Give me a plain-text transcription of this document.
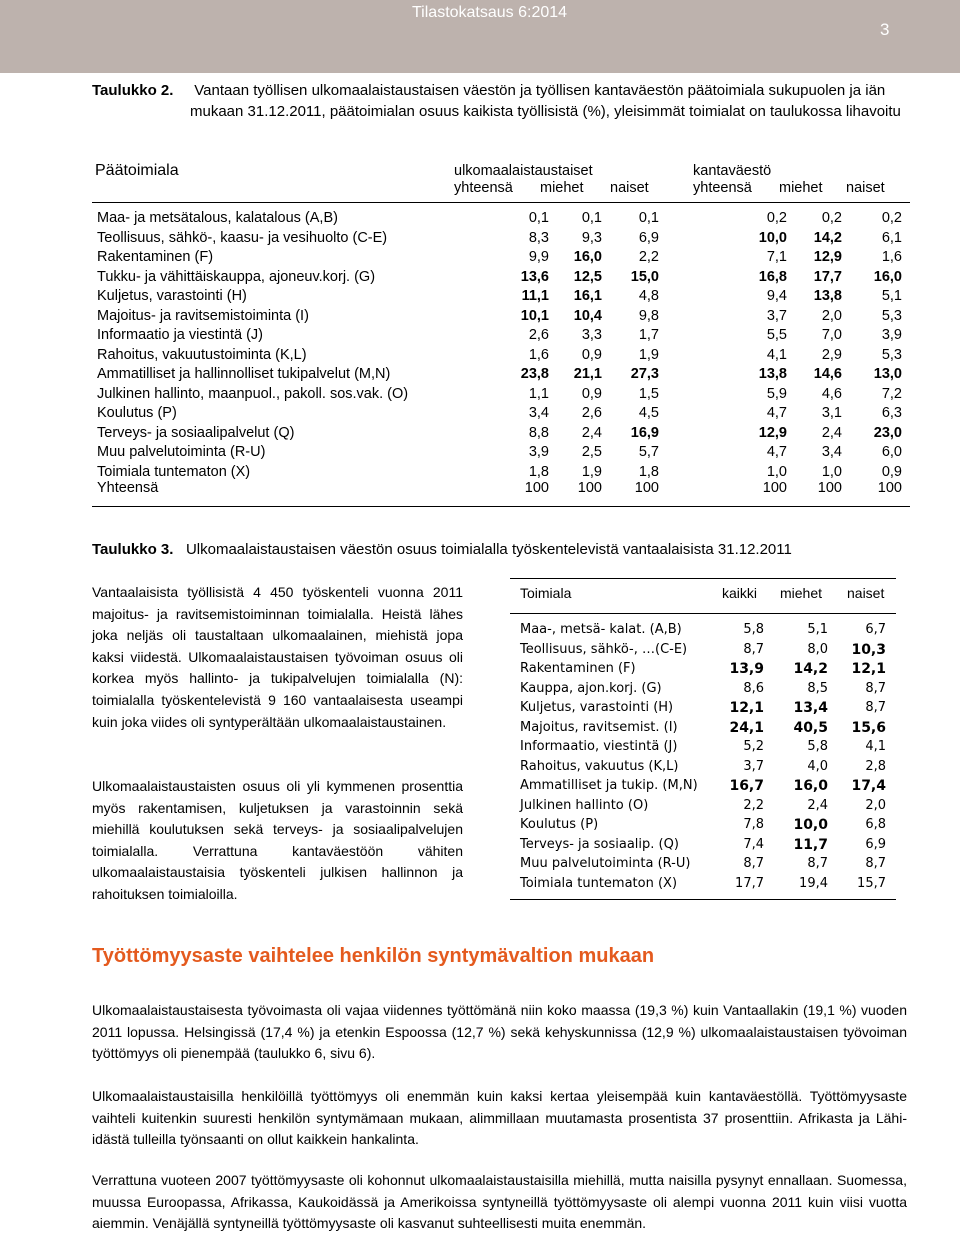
Tilastokatsaus 6:2014
3
Taulukko 2. Vantaan työllisen ulkomaalaistaustaisen väestön ja työllisen kantaväestön päätoimiala sukupuolen ja iän mukaan 31.12.2011, päätoimialan osuus kaikista työllisistä (%), yleisimmät toimialat on taulukossa lihavoitu
Päätoimiala	ulkomaalaistaustaiset	kantaväestö
yhteensä miehet naiset	yhteensä miehet naiset
Maa- ja metsätalous, kalatalous (A,B)	0,1	0,1	0,1	0,2	0,2	0,2
Teollisuus, sähkö-, kaasu- ja vesihuolto (C-E)	8,3	9,3	6,9	10,0	14,2	6,1
Rakentaminen (F)	9,9	16,0	2,2	7,1	12,9	1,6
Tukku- ja vähittäiskauppa, ajoneuv.korj. (G)	13,6	12,5	15,0	16,8	17,7	16,0
Kuljetus, varastointi (H)	11,1	16,1	4,8	9,4	13,8	5,1
Majoitus- ja ravitsemistoiminta (I)	10,1	10,4	9,8	3,7	2,0	5,3
Informaatio ja viestintä (J)	2,6	3,3	1,7	5,5	7,0	3,9
Rahoitus, vakuutustoiminta (K,L)	1,6	0,9	1,9	4,1	2,9	5,3
Ammatilliset ja hallinnolliset tukipalvelut (M,N)	23,8	21,1	27,3	13,8	14,6	13,0
Julkinen hallinto, maanpuol., pakoll. sos.vak. (O)	1,1	0,9	1,5	5,9	4,6	7,2
Koulutus (P)	3,4	2,6	4,5	4,7	3,1	6,3
Terveys- ja sosiaalipalvelut (Q)	8,8	2,4	16,9	12,9	2,4	23,0
Muu palvelutoiminta (R-U)	3,9	2,5	5,7	4,7	3,4	6,0
Toimiala tuntematon (X)	1,8	1,9	1,8	1,0	1,0	0,9
Yhteensä	100	100	100	100	100	100
Taulukko 3. Ulkomaalaistaustaisen väestön osuus toimialalla työskentelevistä vantaalaisista 31.12.2011
Vantaalaisista työllisistä 4 450 työskenteli vuonna 2011 majoitus- ja ravitsemistoiminnan toimialalla. Heistä lähes joka neljäs oli taustaltaan ulkomaalainen, miehistä jopa kaksi viidestä. Ulkomaalaistaustaisen työvoiman osuus oli korkea myös hallinto- ja tukipalvelujen toimialalla (N): toimialalla työskentelevistä 9 160 vantaalaisesta useampi kuin joka viides oli syntyperältään ulkomaalaistaustainen.
Ulkomaalaistaustaisten osuus oli yli kymmenen prosenttia myös rakentamisen, kuljetuksen ja varastoinnin sekä miehillä koulutuksen sekä terveys- ja sosiaalipalvelujen toimialalla. Verrattuna kantaväestöön vähiten ulkomaalaistaustaisia työskenteli julkisen hallinnon ja rahoituksen toimialoilla.
Toimiala	kaikki miehet naiset
Maa-, metsä- kalat. (A,B)	5,8	5,1	6,7
Teollisuus, sähkö-, …(C-E)	8,7	8,0	10,3
Rakentaminen (F)	13,9	14,2	12,1
Kauppa, ajon.korj. (G)	8,6	8,5	8,7
Kuljetus, varastointi (H)	12,1	13,4	8,7
Majoitus, ravitsemist. (I)	24,1	40,5	15,6
Informaatio, viestintä (J)	5,2	5,8	4,1
Rahoitus, vakuutus (K,L)	3,7	4,0	2,8
Ammatilliset ja tukip. (M,N)	16,7	16,0	17,4
Julkinen hallinto (O)	2,2	2,4	2,0
Koulutus (P)	7,8	10,0	6,8
Terveys- ja sosiaalip. (Q)	7,4	11,7	6,9
Muu palvelutoiminta (R-U)	8,7	8,7	8,7
Toimiala tuntematon (X)	17,7	19,4	15,7
Työttömyysaste vaihtelee henkilön syntymävaltion mukaan
Ulkomaalaistaustaisesta työvoimasta oli vajaa viidennes työttömänä niin koko maassa (19,3 %) kuin Vantaallakin (19,1 %) vuoden 2011 lopussa. Helsingissä (17,4 %) ja etenkin Espoossa (12,7 %) sekä kehyskunnissa (12,9 %) ulkomaalaistaustaisen työvoiman työttömyys oli pienempää (taulukko 6, sivu 6).
Ulkomaalaistaustaisilla henkilöillä työttömyys oli enemmän kuin kaksi kertaa yleisempää kuin kantaväestöllä. Työttömyysaste vaihteli kuitenkin suuresti henkilön syntymämaan mukaan, alimmillaan muutamasta prosentista 37 prosenttiin. Afrikasta ja Lähi-idästä tulleilla työnsaanti on ollut kaikkein hankalinta.
Verrattuna vuoteen 2007 työttömyysaste oli kohonnut ulkomaalaistaustaisilla miehillä, mutta naisilla pysynyt ennallaan. Suomessa, muussa Euroopassa, Afrikassa, Kaukoidässä ja Amerikoissa syntyneillä työttömyysaste oli alempi vuonna 2011 kuin viisi vuotta aiemmin. Venäjällä syntyneillä työttömyysaste oli kasvanut suhteellisesti muita enemmän.
